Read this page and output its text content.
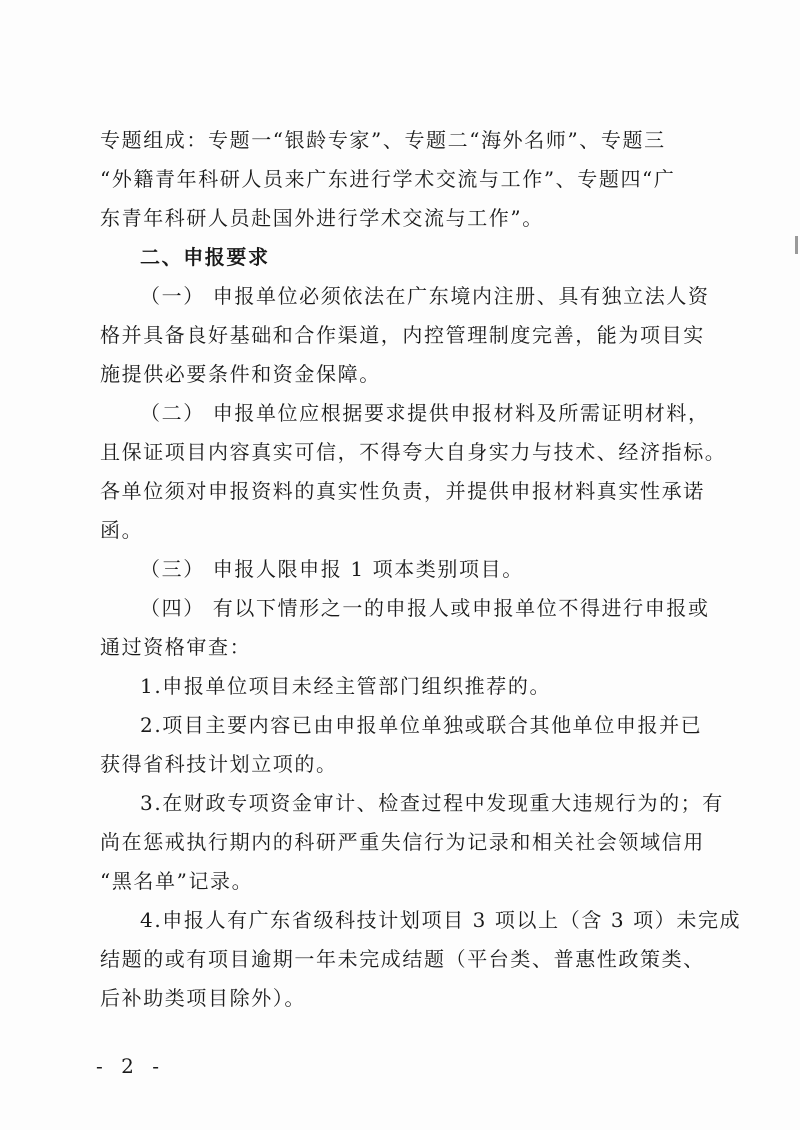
专题组成：专题一“银龄专家”、专题二“海外名师”、专题三
“外籍青年科研人员来广东进行学术交流与工作”、专题四“广
东青年科研人员赴国外进行学术交流与工作”。
二、申报要求
（一） 申报单位必须依法在广东境内注册、具有独立法人资
格并具备良好基础和合作渠道，内控管理制度完善，能为项目实
施提供必要条件和资金保障。
（二） 申报单位应根据要求提供申报材料及所需证明材料，
且保证项目内容真实可信，不得夸大自身实力与技术、经济指标。
各单位须对申报资料的真实性负责，并提供申报材料真实性承诺
函。
（三） 申报人限申报 1 项本类别项目。
（四） 有以下情形之一的申报人或申报单位不得进行申报或
通过资格审查：
1.申报单位项目未经主管部门组织推荐的。
2.项目主要内容已由申报单位单独或联合其他单位申报并已
获得省科技计划立项的。
3.在财政专项资金审计、检查过程中发现重大违规行为的；有
尚在惩戒执行期内的科研严重失信行为记录和相关社会领域信用
“黑名单”记录。
4.申报人有广东省级科技计划项目 3 项以上（含 3 项）未完成
结题的或有项目逾期一年未完成结题（平台类、普惠性政策类、
后补助类项目除外）。
- 2 -
